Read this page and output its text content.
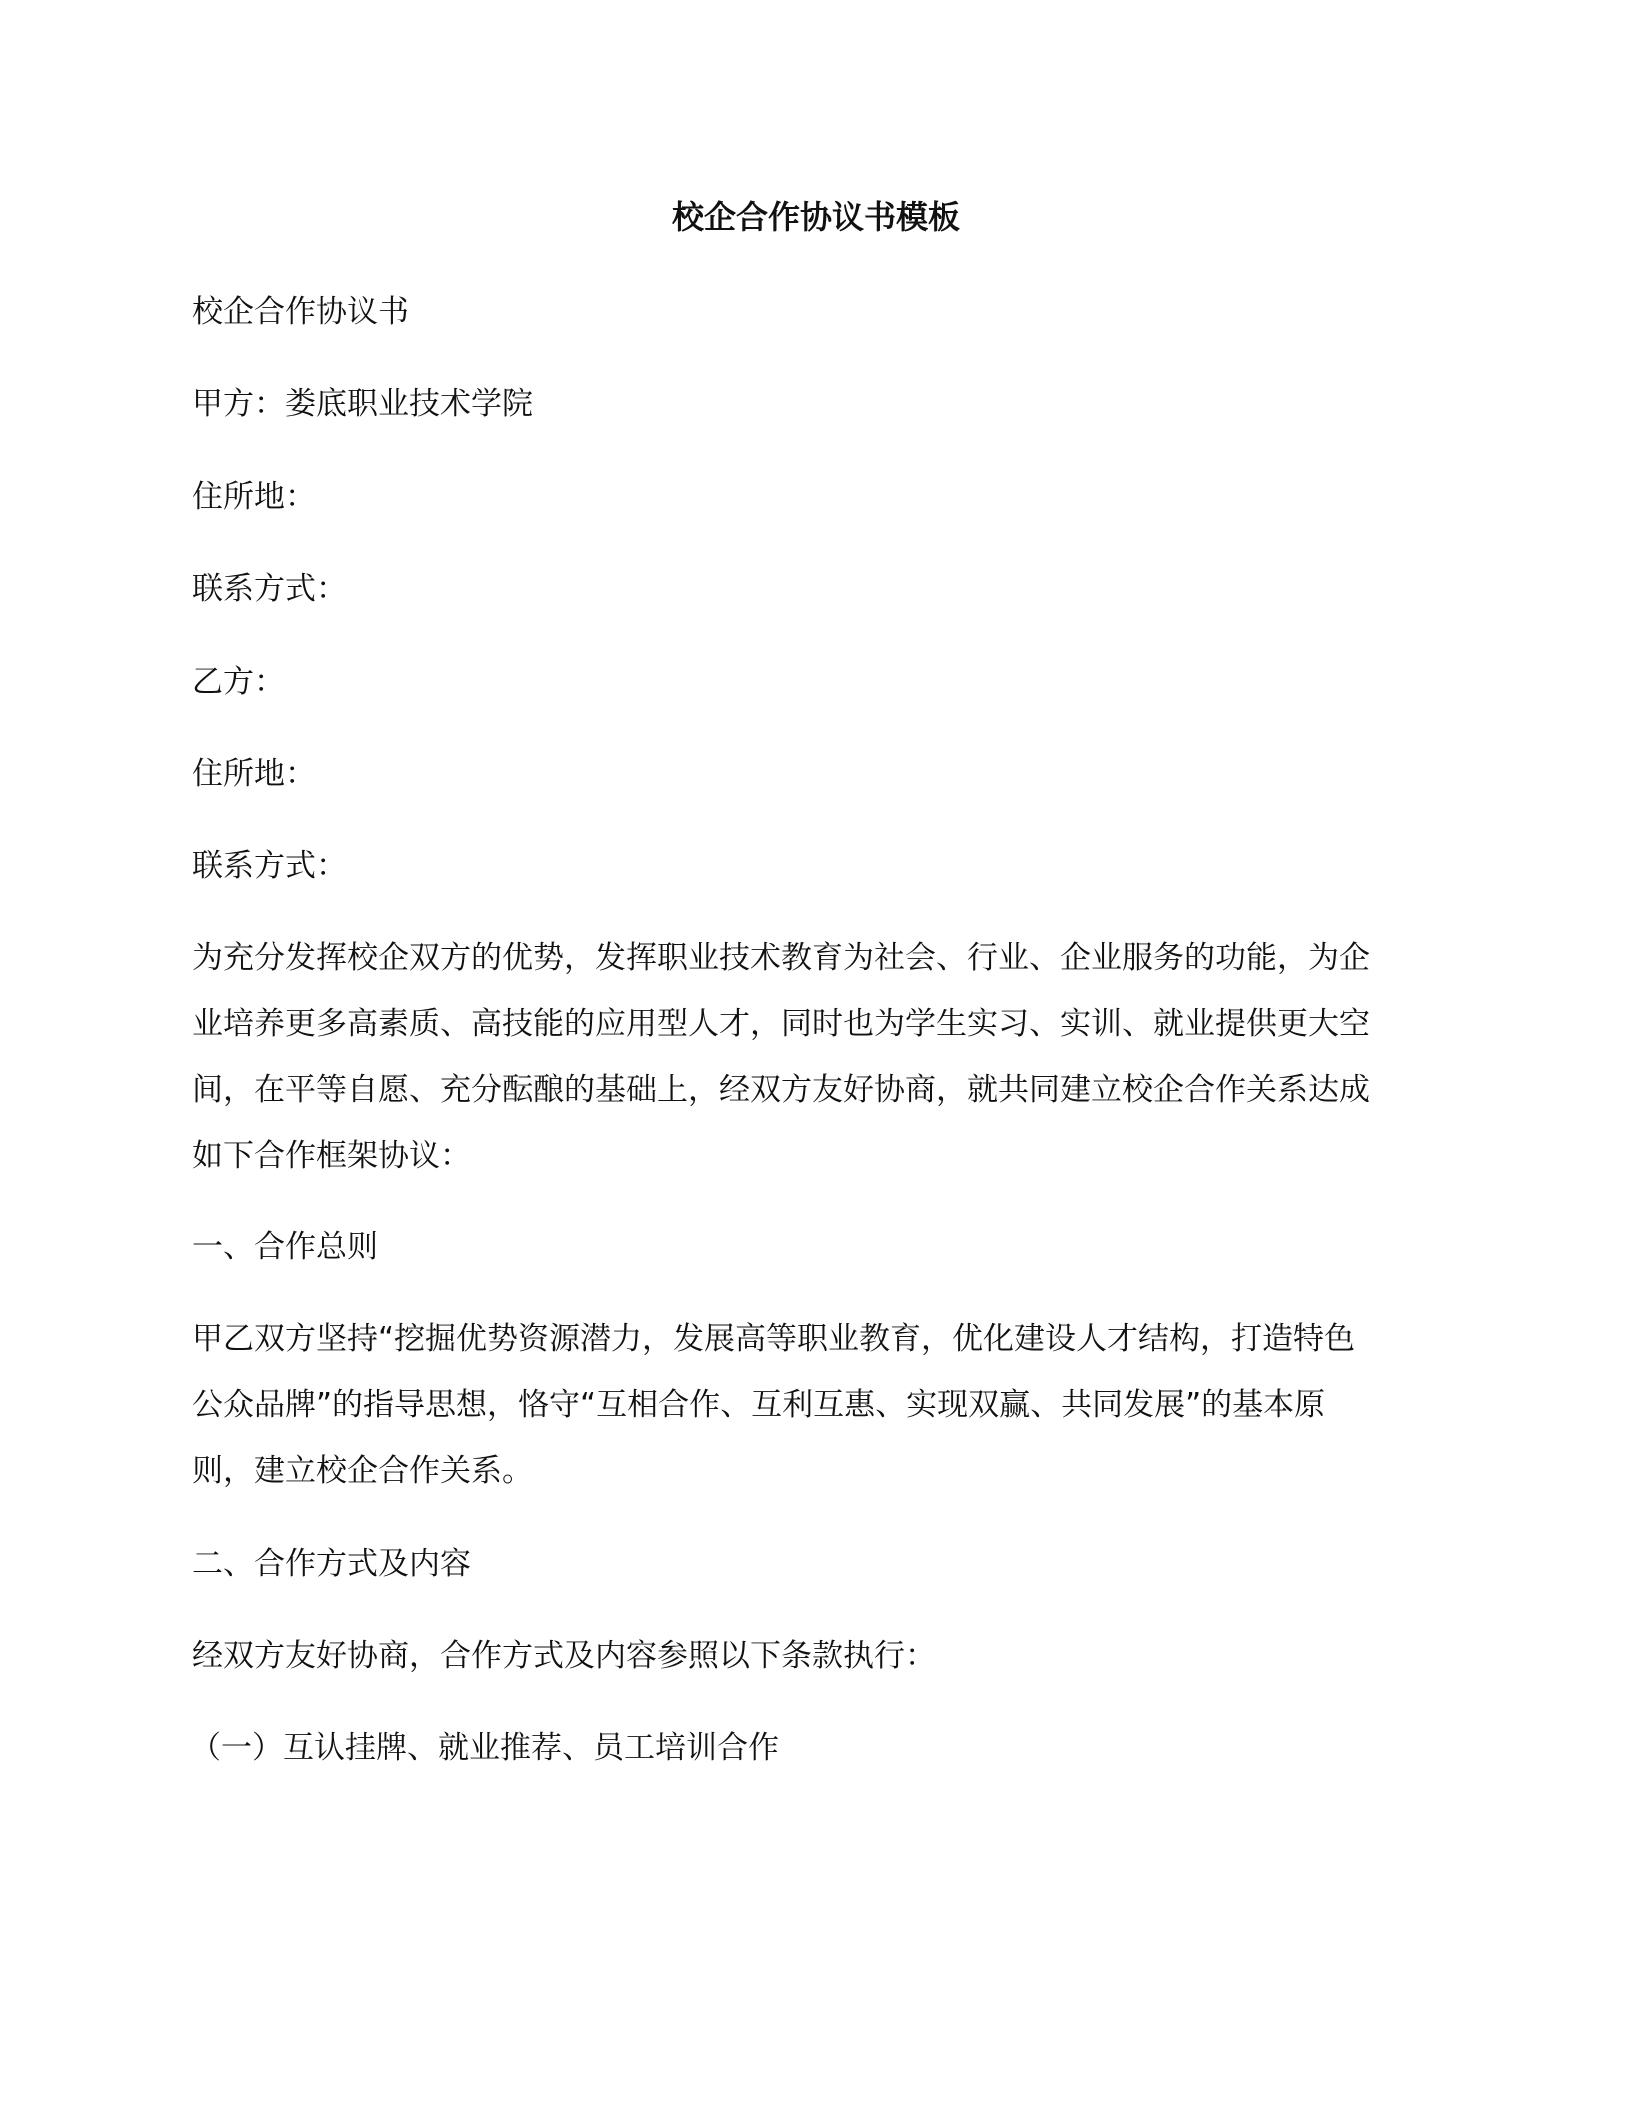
校企合作协议书模板

校企合作协议书

甲方：娄底职业技术学院

住所地：

联系方式：

乙方：

住所地：

联系方式：

为充分发挥校企双方的优势，发挥职业技术教育为社会、行业、企业服务的功能，为企
业培养更多高素质、高技能的应用型人才，同时也为学生实习、实训、就业提供更大空
间，在平等自愿、充分酝酿的基础上，经双方友好协商，就共同建立校企合作关系达成
如下合作框架协议：

一、合作总则

甲乙双方坚持“挖掘优势资源潜力，发展高等职业教育，优化建设人才结构，打造特色
公众品牌”的指导思想，恪守“互相合作、互利互惠、实现双赢、共同发展”的基本原
则，建立校企合作关系。

二、合作方式及内容

经双方友好协商，合作方式及内容参照以下条款执行：

（一）互认挂牌、就业推荐、员工培训合作
